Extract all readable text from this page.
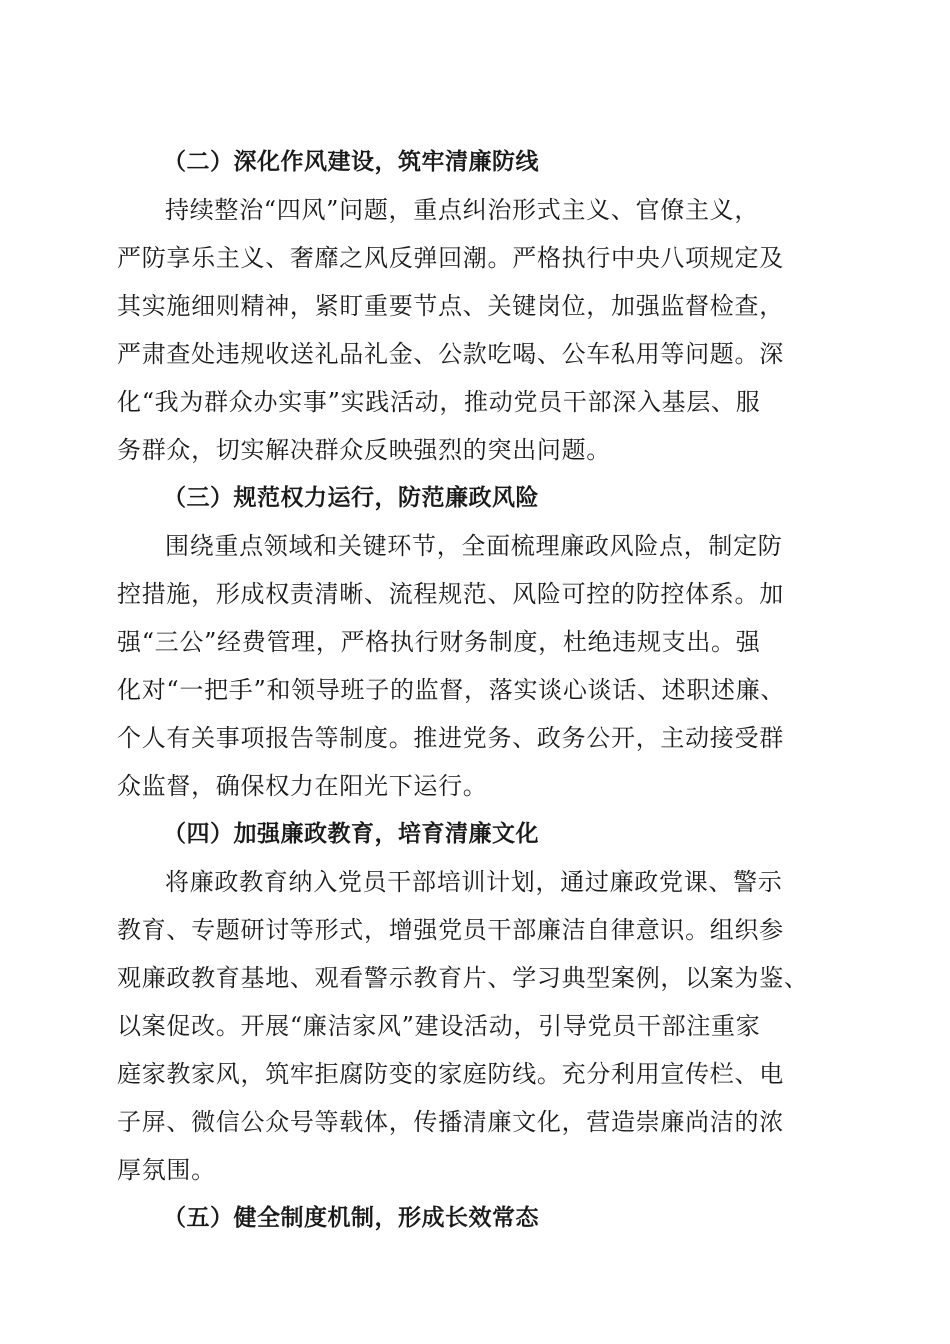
（二）深化作风建设，筑牢清廉防线
持续整治“四风”问题，重点纠治形式主义、官僚主义，
严防享乐主义、奢靡之风反弹回潮。严格执行中央八项规定及
其实施细则精神，紧盯重要节点、关键岗位，加强监督检查，
严肃查处违规收送礼品礼金、公款吃喝、公车私用等问题。深
化“我为群众办实事”实践活动，推动党员干部深入基层、服
务群众，切实解决群众反映强烈的突出问题。
（三）规范权力运行，防范廉政风险
围绕重点领域和关键环节，全面梳理廉政风险点，制定防
控措施，形成权责清晰、流程规范、风险可控的防控体系。加
强“三公”经费管理，严格执行财务制度，杜绝违规支出。强
化对“一把手”和领导班子的监督，落实谈心谈话、述职述廉、
个人有关事项报告等制度。推进党务、政务公开，主动接受群
众监督，确保权力在阳光下运行。
（四）加强廉政教育，培育清廉文化
将廉政教育纳入党员干部培训计划，通过廉政党课、警示
教育、专题研讨等形式，增强党员干部廉洁自律意识。组织参
观廉政教育基地、观看警示教育片、学习典型案例，以案为鉴、
以案促改。开展“廉洁家风”建设活动，引导党员干部注重家
庭家教家风，筑牢拒腐防变的家庭防线。充分利用宣传栏、电
子屏、微信公众号等载体，传播清廉文化，营造崇廉尚洁的浓
厚氛围。
（五）健全制度机制，形成长效常态
